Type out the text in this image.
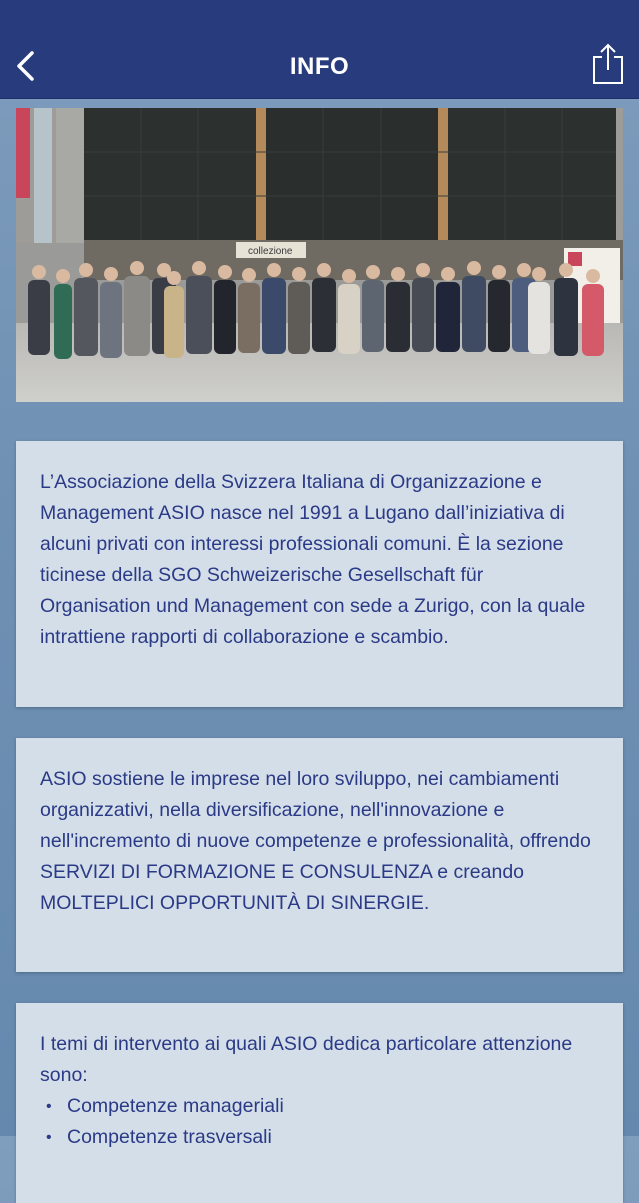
INFO
collezione

L’Associazione della Svizzera Italiana di Organizzazione e Management ASIO nasce nel 1991 a Lugano dall’iniziativa di alcuni privati con interessi professionali comuni. È la sezione ticinese della SGO Schweizerische Gesellschaft für Organisation und Management con sede a Zurigo, con la quale intrattiene rapporti di collaborazione e scambio.

ASIO sostiene le imprese nel loro sviluppo, nei cambiamenti organizzativi, nella diversificazione, nell'innovazione e nell'incremento di nuove competenze e professionalità, offrendo SERVIZI DI FORMAZIONE E CONSULENZA e creando MOLTEPLICI OPPORTUNITÀ DI SINERGIE.

I temi di intervento ai quali ASIO dedica particolare attenzione sono:

• Competenze manageriali
• Competenze trasversali
